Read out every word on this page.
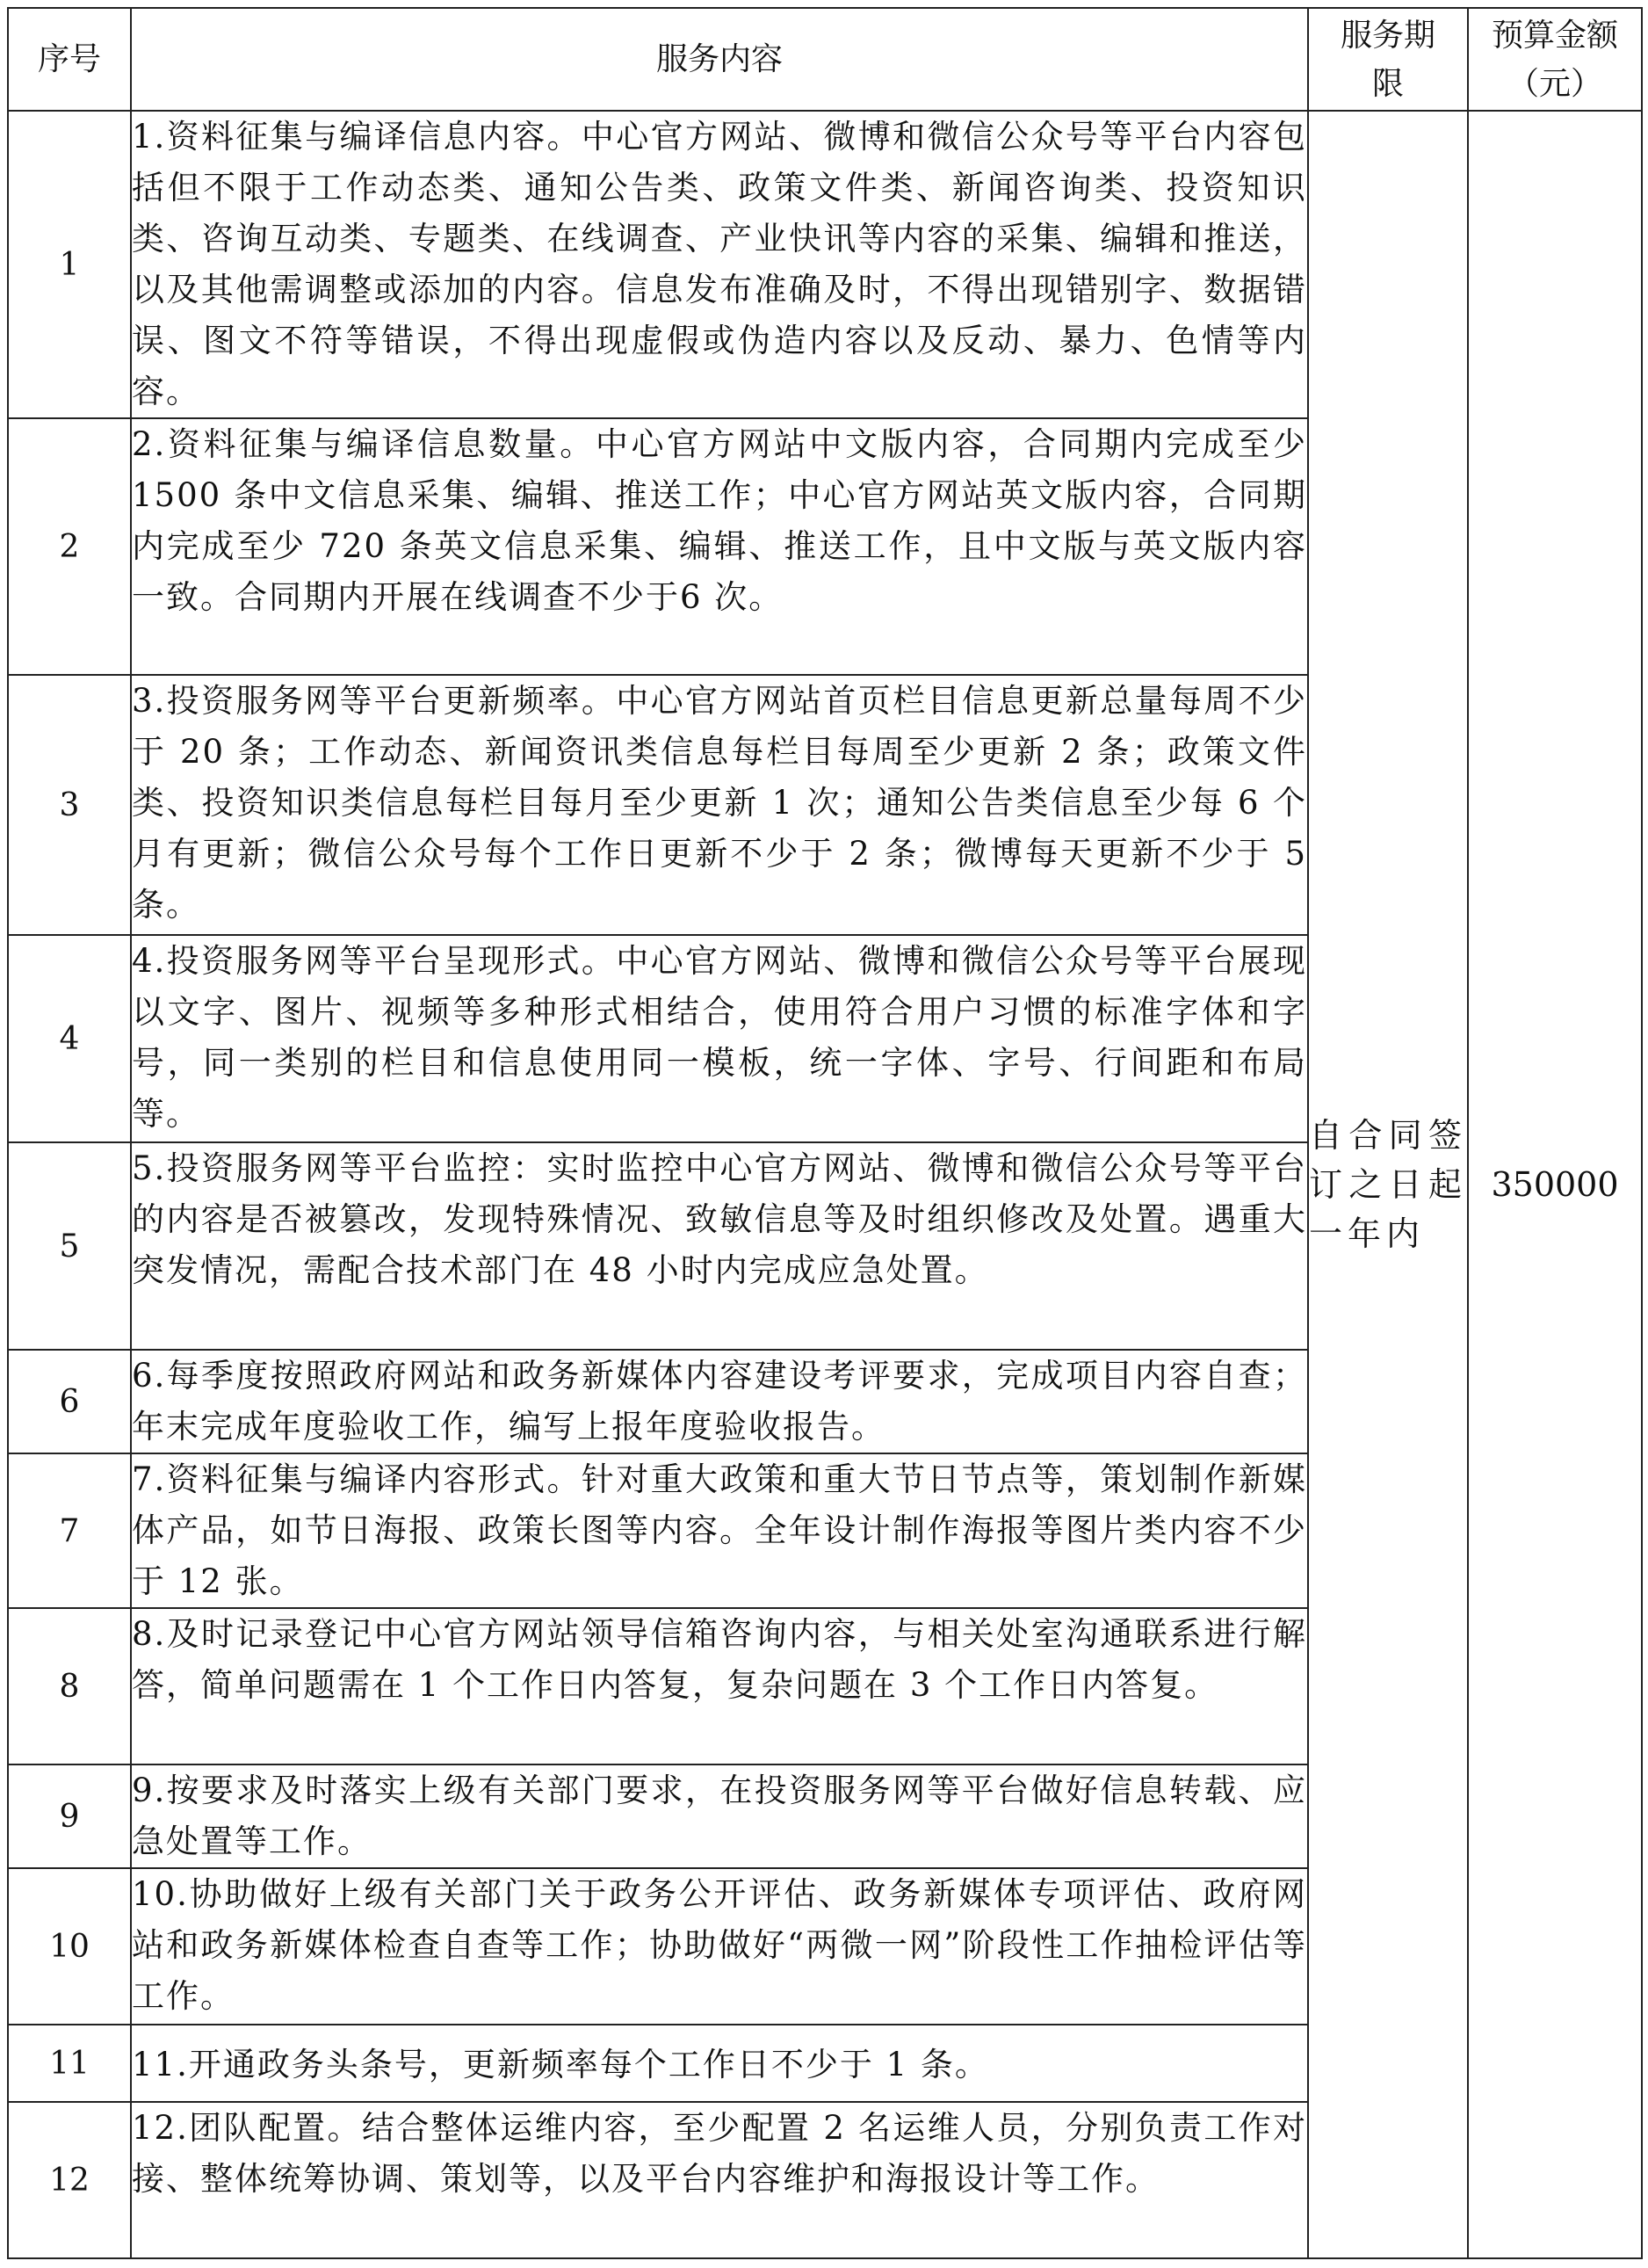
序号	服务内容	服务期限	预算金额（元）
1	1.资料征集与编译信息内容。中心官方网站、微博和微信公众号等平台内容包括但不限于工作动态类、通知公告类、政策文件类、新闻咨询类、投资知识类、咨询互动类、专题类、在线调查、产业快讯等内容的采集、编辑和推送，以及其他需调整或添加的内容。信息发布准确及时，不得出现错别字、数据错误、图文不符等错误，不得出现虚假或伪造内容以及反动、暴力、色情等内容。	自合同签订之日起一年内	350000
2	2.资料征集与编译信息数量。中心官方网站中文版内容，合同期内完成至少 1500 条中文信息采集、编辑、推送工作；中心官方网站英文版内容，合同期内完成至少 720 条英文信息采集、编辑、推送工作，且中文版与英文版内容一致。合同期内开展在线调查不少于6 次。		
3	3.投资服务网等平台更新频率。中心官方网站首页栏目信息更新总量每周不少于 20 条；工作动态、新闻资讯类信息每栏目每周至少更新 2 条；政策文件类、投资知识类信息每栏目每月至少更新 1 次；通知公告类信息至少每 6 个月有更新；微信公众号每个工作日更新不少于 2 条；微博每天更新不少于 5 条。		
4	4.投资服务网等平台呈现形式。中心官方网站、微博和微信公众号等平台展现以文字、图片、视频等多种形式相结合，使用符合用户习惯的标准字体和字号，同一类别的栏目和信息使用同一模板，统一字体、字号、行间距和布局等。		
5	5.投资服务网等平台监控：实时监控中心官方网站、微博和微信公众号等平台的内容是否被篡改，发现特殊情况、致敏信息等及时组织修改及处置。遇重大突发情况，需配合技术部门在 48 小时内完成应急处置。		
6	6.每季度按照政府网站和政务新媒体内容建设考评要求，完成项目内容自查；年末完成年度验收工作，编写上报年度验收报告。		
7	7.资料征集与编译内容形式。针对重大政策和重大节日节点等，策划制作新媒体产品，如节日海报、政策长图等内容。全年设计制作海报等图片类内容不少于 12 张。		
8	8.及时记录登记中心官方网站领导信箱咨询内容，与相关处室沟通联系进行解答，简单问题需在 1 个工作日内答复，复杂问题在 3 个工作日内答复。		
9	9.按要求及时落实上级有关部门要求，在投资服务网等平台做好信息转载、应急处置等工作。		
10	10.协助做好上级有关部门关于政务公开评估、政务新媒体专项评估、政府网站和政务新媒体检查自查等工作；协助做好“两微一网”阶段性工作抽检评估等工作。		
11	11.开通政务头条号，更新频率每个工作日不少于 1 条。		
12	12.团队配置。结合整体运维内容，至少配置 2 名运维人员，分别负责工作对接、整体统筹协调、策划等，以及平台内容维护和海报设计等工作。		
